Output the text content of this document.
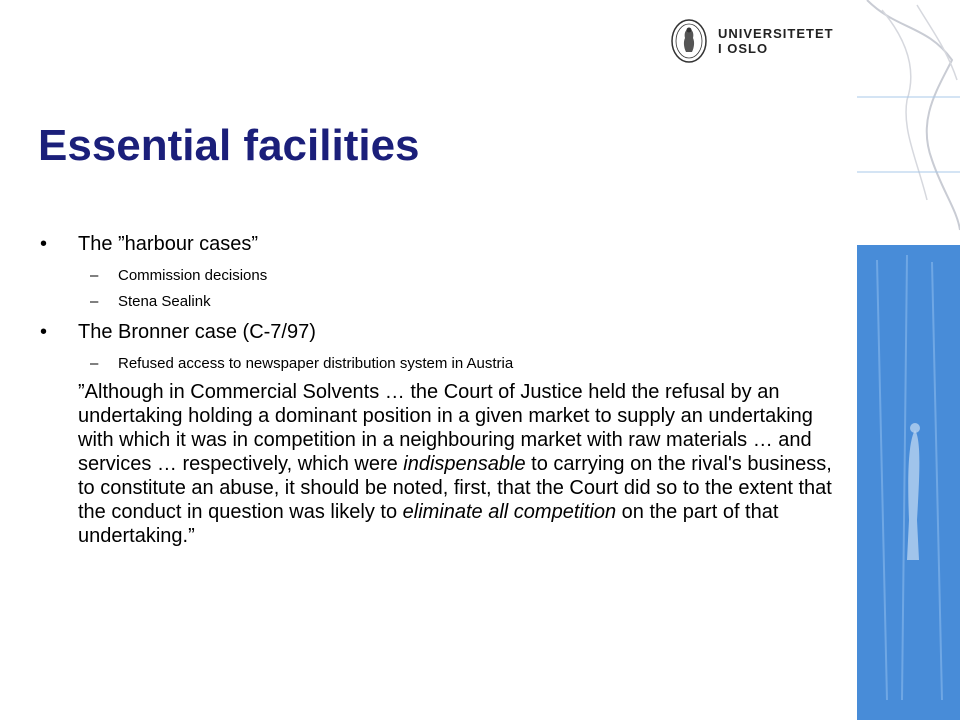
UNIVERSITETET
I OSLO
Essential facilities
• The ”harbour cases”
– Commission decisions
– Stena Sealink
• The Bronner case (C-7/97)
– Refused access to newspaper distribution system in Austria
”Although in Commercial Solvents … the Court of Justice held the refusal by an undertaking holding a dominant position in a given market to supply an undertaking with which it was in competition in a neighbouring market with raw materials … and services … respectively, which were indispensable to carrying on the rival's business, to constitute an abuse, it should be noted, first, that the Court did so to the extent that the conduct in question was likely to eliminate all competition on the part of that undertaking.”
